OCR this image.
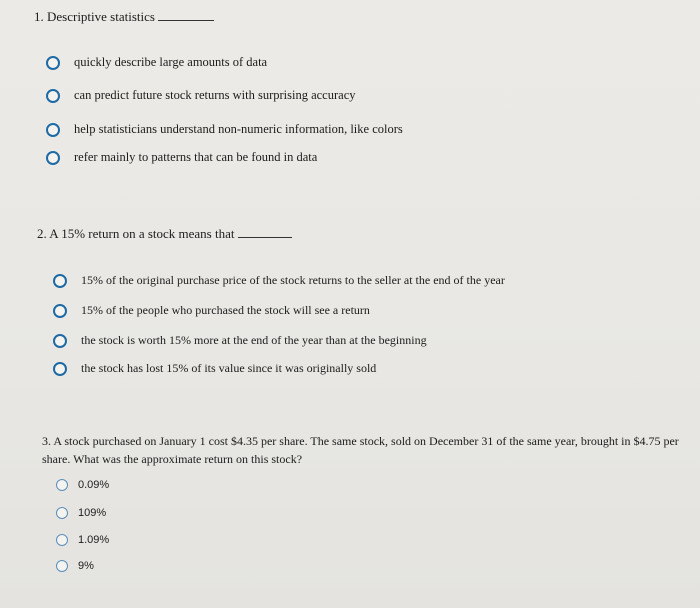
1. Descriptive statistics
quickly describe large amounts of data
can predict future stock returns with surprising accuracy
help statisticians understand non-numeric information, like colors
refer mainly to patterns that can be found in data
2. A 15% return on a stock means that
15% of the original purchase price of the stock returns to the seller at the end of the year
15% of the people who purchased the stock will see a return
the stock is worth 15% more at the end of the year than at the beginning
the stock has lost 15% of its value since it was originally sold
3. A stock purchased on January 1 cost $4.35 per share. The same stock, sold on December 31 of the same year, brought in $4.75 per share. What was the approximate return on this stock?
0.09%
109%
1.09%
9%
